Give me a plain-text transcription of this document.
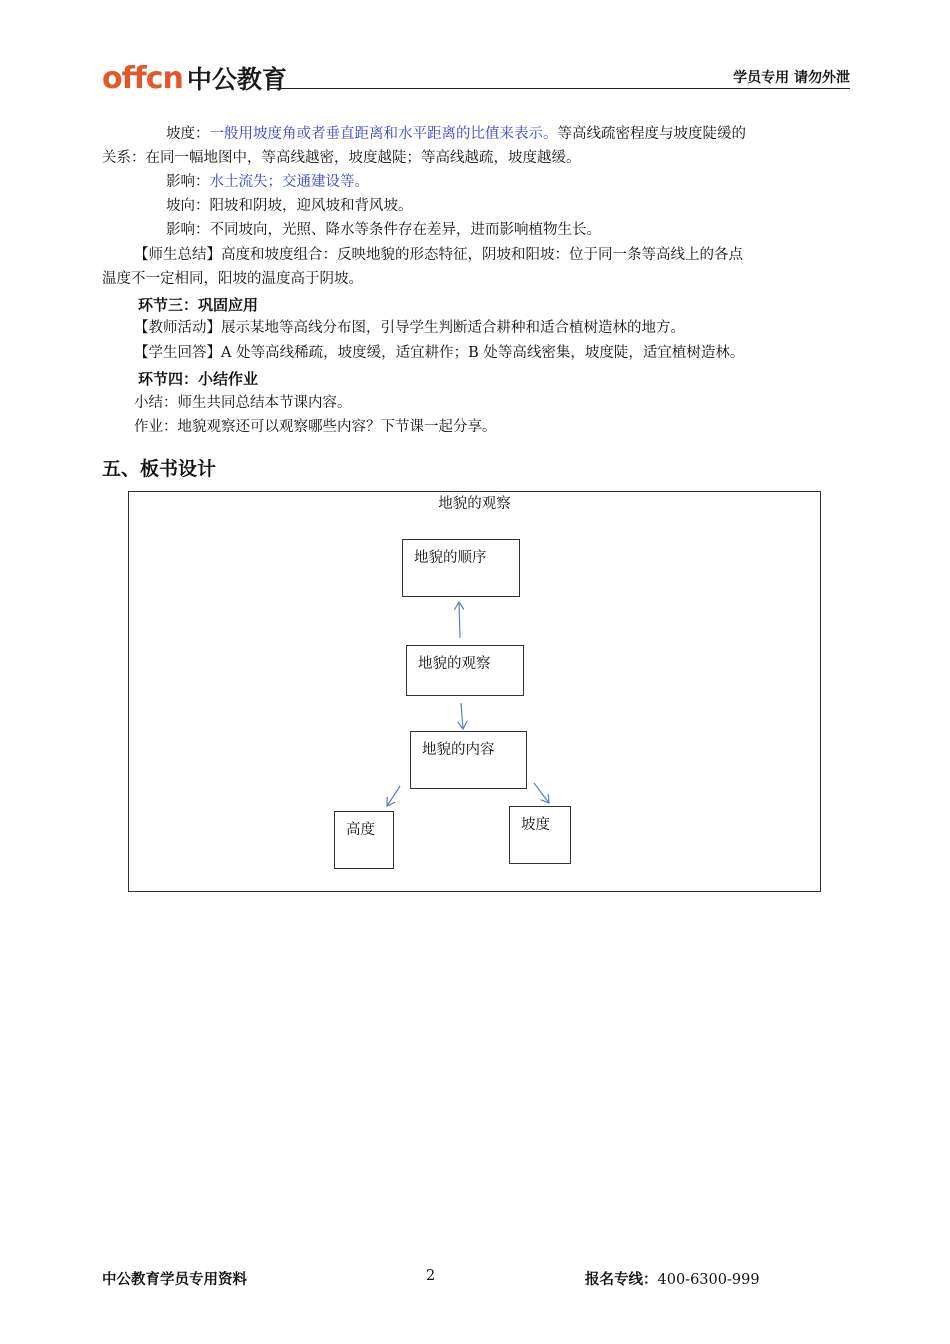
offcn 中公教育	学员专用 请勿外泄
坡度：一般用坡度角或者垂直距离和水平距离的比值来表示。等高线疏密程度与坡度陡缓的
关系：在同一幅地图中，等高线越密，坡度越陡；等高线越疏，坡度越缓。
影响：水土流失；交通建设等。
坡向：阳坡和阴坡，迎风坡和背风坡。
影响：不同坡向，光照、降水等条件存在差异，进而影响植物生长。
【师生总结】高度和坡度组合：反映地貌的形态特征，阴坡和阳坡：位于同一条等高线上的各点
温度不一定相同，阳坡的温度高于阴坡。
环节三：巩固应用
【教师活动】展示某地等高线分布图，引导学生判断适合耕种和适合植树造林的地方。
【学生回答】A 处等高线稀疏，坡度缓，适宜耕作；B 处等高线密集，坡度陡，适宜植树造林。
环节四：小结作业
小结：师生共同总结本节课内容。
作业：地貌观察还可以观察哪些内容？下节课一起分享。
五、板书设计
地貌的观察
地貌的顺序
地貌的观察
地貌的内容
高度	坡度
中公教育学员专用资料	2	报名专线：400-6300-999
